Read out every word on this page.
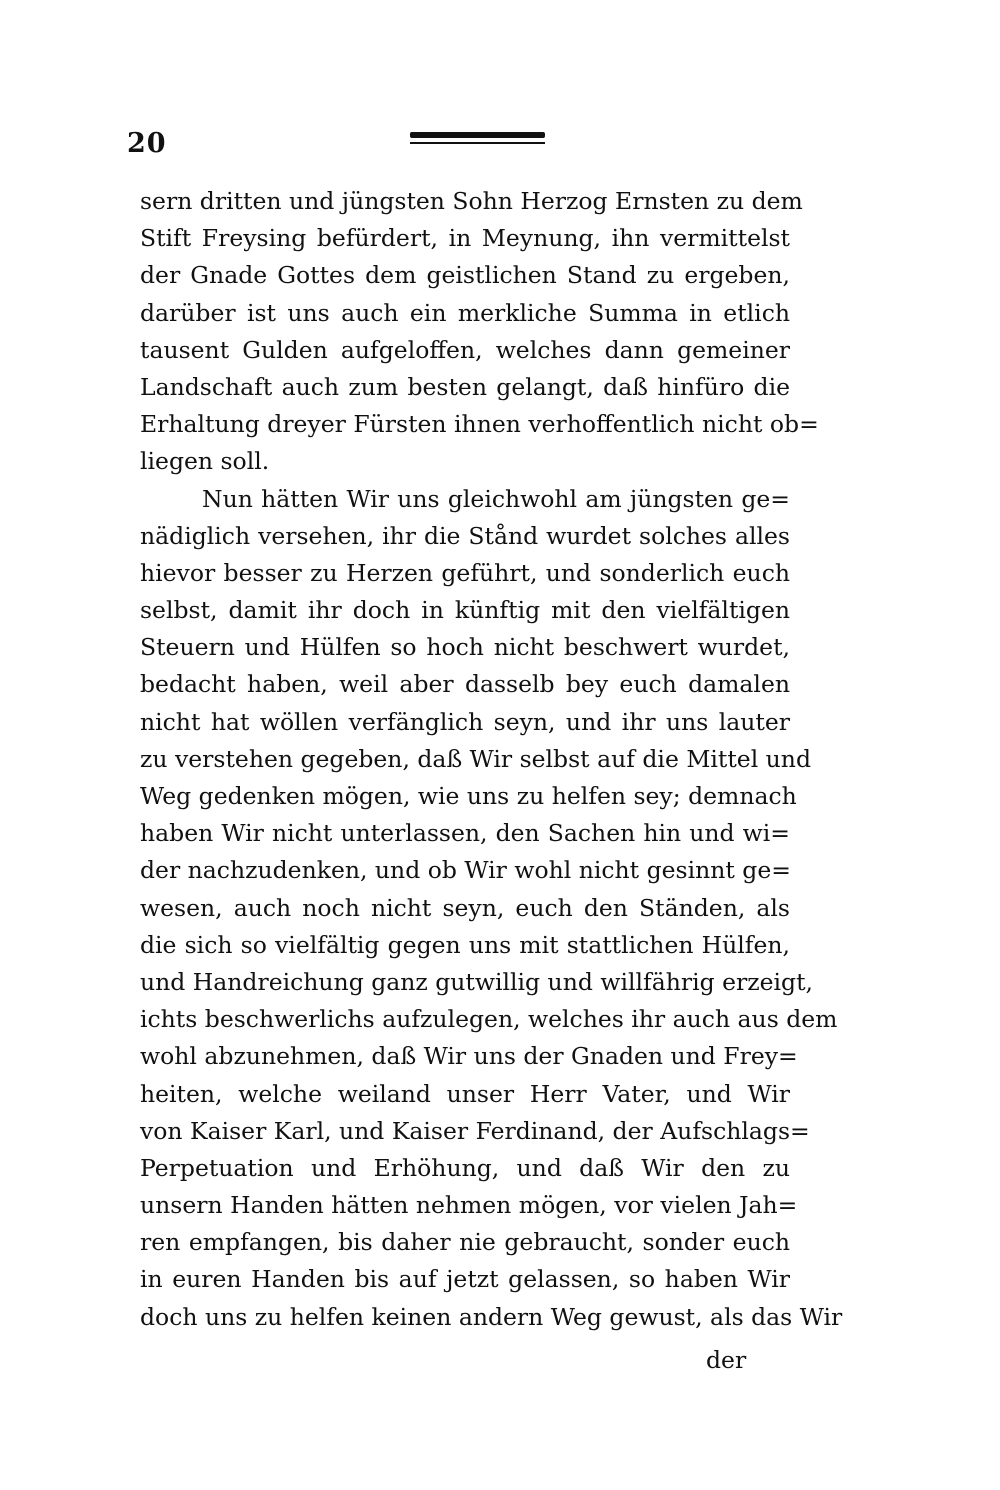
20
sern dritten und jüngsten Sohn Herzog Ernsten zu dem
Stift Freysing befürdert, in Meynung, ihn vermittelst
der Gnade Gottes dem geistlichen Stand zu ergeben,
darüber ist uns auch ein merkliche Summa in etlich
tausent Gulden aufgeloffen, welches dann gemeiner
Landschaft auch zum besten gelangt, daß hinfüro die
Erhaltung dreyer Fürsten ihnen verhoffentlich nicht ob=
liegen soll.
Nun hätten Wir uns gleichwohl am jüngsten ge=
nädiglich versehen, ihr die Stånd wurdet solches alles
hievor besser zu Herzen geführt, und sonderlich euch
selbst, damit ihr doch in künftig mit den vielfältigen
Steuern und Hülfen so hoch nicht beschwert wurdet,
bedacht haben, weil aber dasselb bey euch damalen
nicht hat wöllen verfänglich seyn, und ihr uns lauter
zu verstehen gegeben, daß Wir selbst auf die Mittel und
Weg gedenken mögen, wie uns zu helfen sey; demnach
haben Wir nicht unterlassen, den Sachen hin und wi=
der nachzudenken, und ob Wir wohl nicht gesinnt ge=
wesen, auch noch nicht seyn, euch den Ständen, als
die sich so vielfältig gegen uns mit stattlichen Hülfen,
und Handreichung ganz gutwillig und willfährig erzeigt,
ichts beschwerlichs aufzulegen, welches ihr auch aus dem
wohl abzunehmen, daß Wir uns der Gnaden und Frey=
heiten, welche weiland unser Herr Vater, und Wir
von Kaiser Karl, und Kaiser Ferdinand, der Aufschlags=
Perpetuation und Erhöhung, und daß Wir den zu
unsern Handen hätten nehmen mögen, vor vielen Jah=
ren empfangen, bis daher nie gebraucht, sonder euch
in euren Handen bis auf jetzt gelassen, so haben Wir
doch uns zu helfen keinen andern Weg gewust, als das Wir
der
